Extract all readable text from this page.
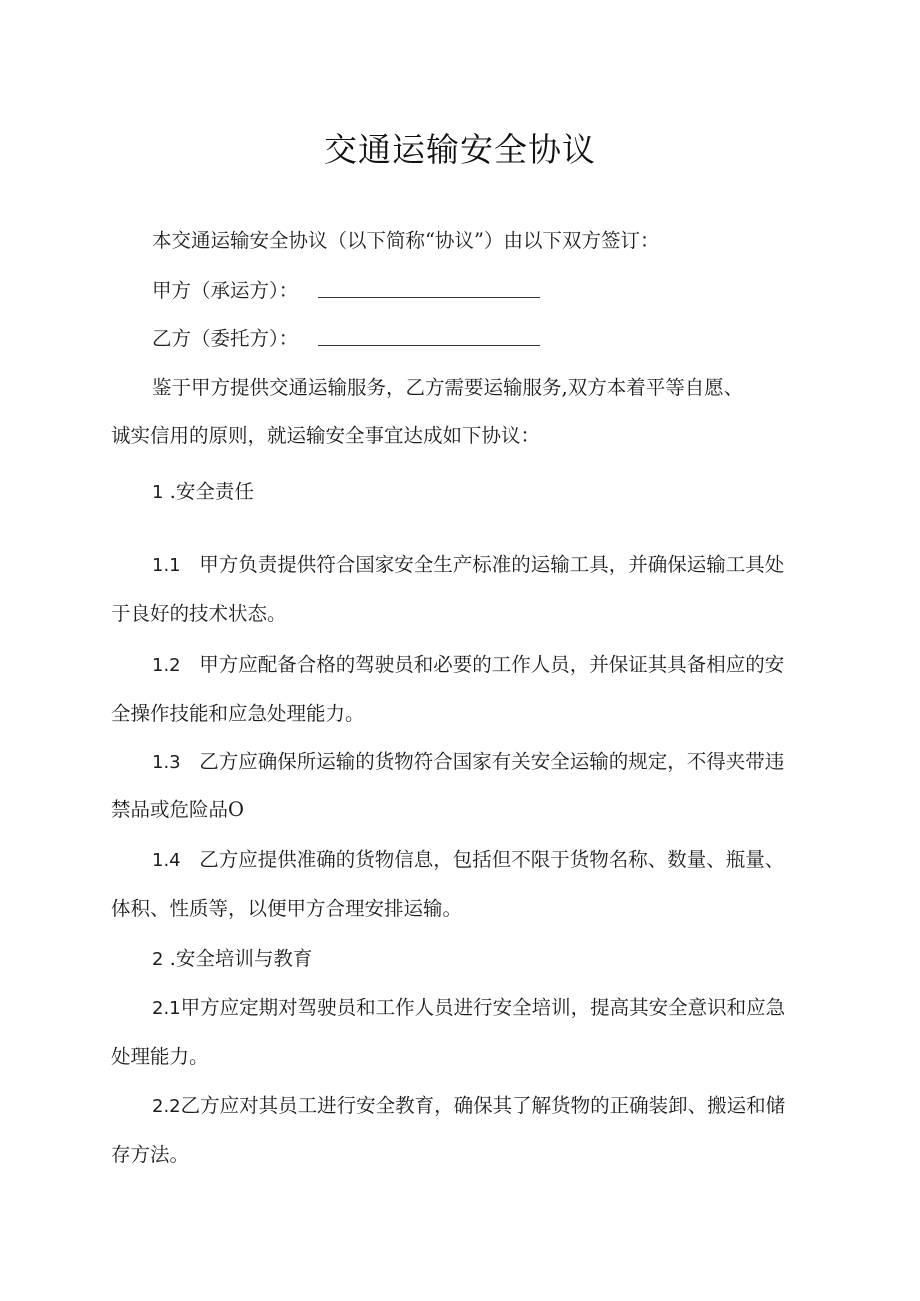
交通运输安全协议
本交通运输安全协议（以下简称“协议”）由以下双方签订：
甲方（承运方）：
乙方（委托方）：
鉴于甲方提供交通运输服务，乙方需要运输服务,双方本着平等自愿、
诚实信用的原则，就运输安全事宜达成如下协议：
1 .安全责任
1.1 甲方负责提供符合国家安全生产标准的运输工具，并确保运输工具处
于良好的技术状态。
1.2 甲方应配备合格的驾驶员和必要的工作人员，并保证其具备相应的安
全操作技能和应急处理能力。
1.3 乙方应确保所运输的货物符合国家有关安全运输的规定，不得夹带违
禁品或危险品O
1.4 乙方应提供准确的货物信息，包括但不限于货物名称、数量、瓶量、
体积、性质等，以便甲方合理安排运输。
2 .安全培训与教育
2.1甲方应定期对驾驶员和工作人员进行安全培训，提高其安全意识和应急
处理能力。
2.2乙方应对其员工进行安全教育，确保其了解货物的正确装卸、搬运和储
存方法。
